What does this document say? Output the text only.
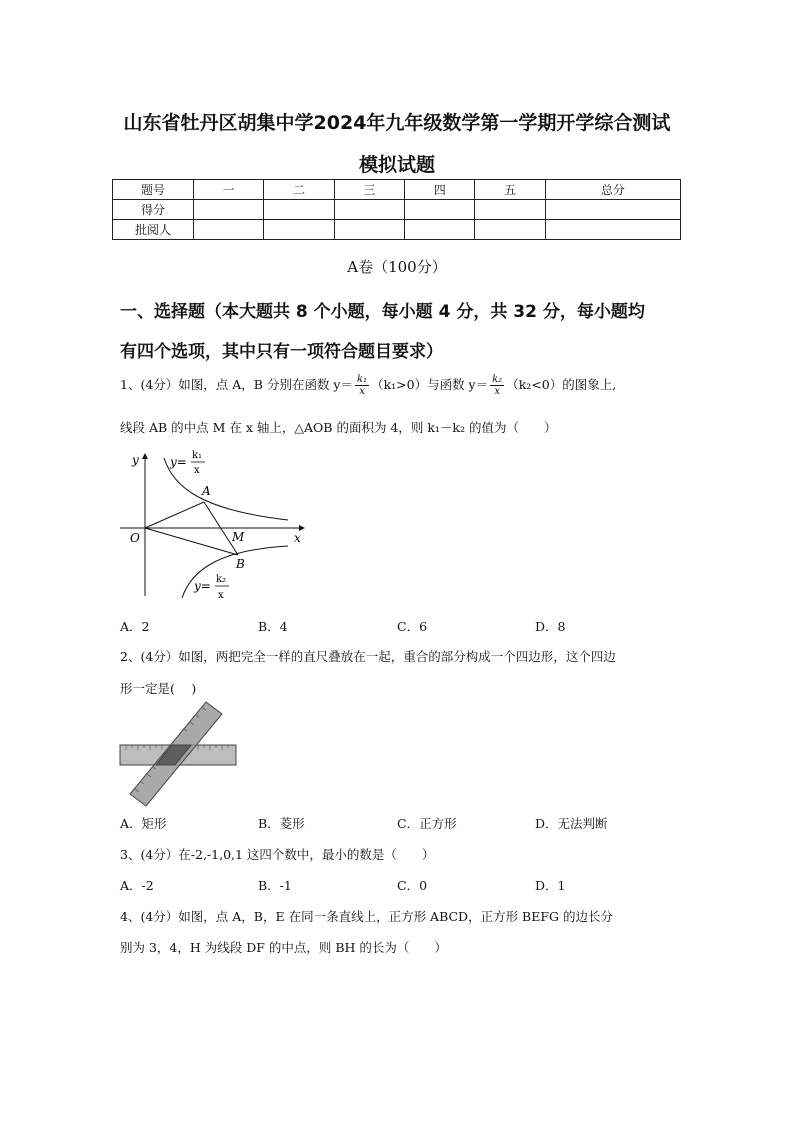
山东省牡丹区胡集中学2024年九年级数学第一学期开学综合测试
模拟试题
题号	一	二	三	四	五	总分
得分						
批阅人						
A卷（100分）
一、选择题（本大题共 8 个小题，每小题 4 分，共 32 分，每小题均
有四个选项，其中只有一项符合题目要求）
1、(4分）如图，点 A，B 分别在函数 $y= \frac{\text{k₁}}{x} (k_1>0)$与函数 $y= \frac{\text{k₂}}{x} (k_2<0)$的图象上,
线段 AB 的中点 M 在 x 轴上，△AOB 的面积为 4，则 k₁－k₂ 的值为（　　）
y
x
O
A
B
M
y= k₁
x
y= k₂
x
A．2	B．4	C．6	D．8
2、(4分）如图，两把完全一样的直尺叠放在一起，重合的部分构成一个四边形，这个四边
形一定是(　 )
A．矩形	B．菱形	C．正方形	D．无法判断
3、(4分）在-2,-1,0,1 这四个数中，最小的数是（　　）
A．-2	B．-1	C．0	D．1
4、(4分）如图，点 A，B，E 在同一条直线上，正方形 ABCD，正方形 BEFG 的边长分
别为 3，4，H 为线段 DF 的中点，则 BH 的长为（　　）
